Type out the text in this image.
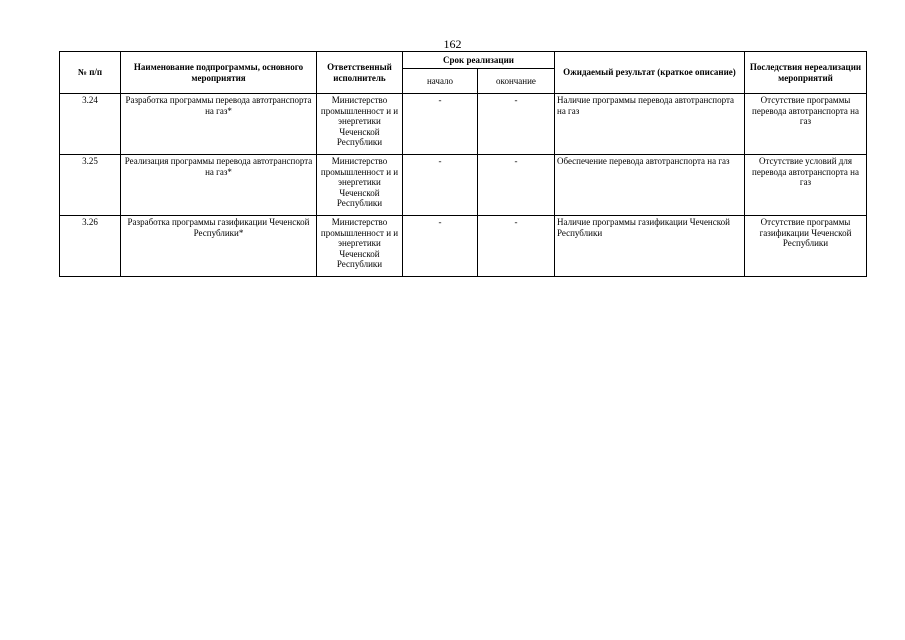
162
№ п/п	Наименование подпрограммы, основного мероприятия	Ответственный исполнитель	Срок реализации		Ожидаемый результат (краткое описание)	Последствия нереализации мероприятий
			начало	окончание		
3.24	Разработка программы перевода автотранспорта на газ*	Министерство промышленност и и энергетики Чеченской Республики	-	-	Наличие программы перевода автотранспорта на газ	Отсутствие программы перевода автотранспорта на газ
3.25	Реализация программы перевода автотранспорта на газ*	Министерство промышленност и и энергетики Чеченской Республики	-	-	Обеспечение перевода автотранспорта на газ	Отсутствие условий для перевода автотранспорта на газ
3.26	Разработка программы газификации Чеченской Республики*	Министерство промышленност и и энергетики Чеченской Республики	-	-	Наличие программы газификации Чеченской Республики	Отсутствие программы газификации Чеченской Республики
